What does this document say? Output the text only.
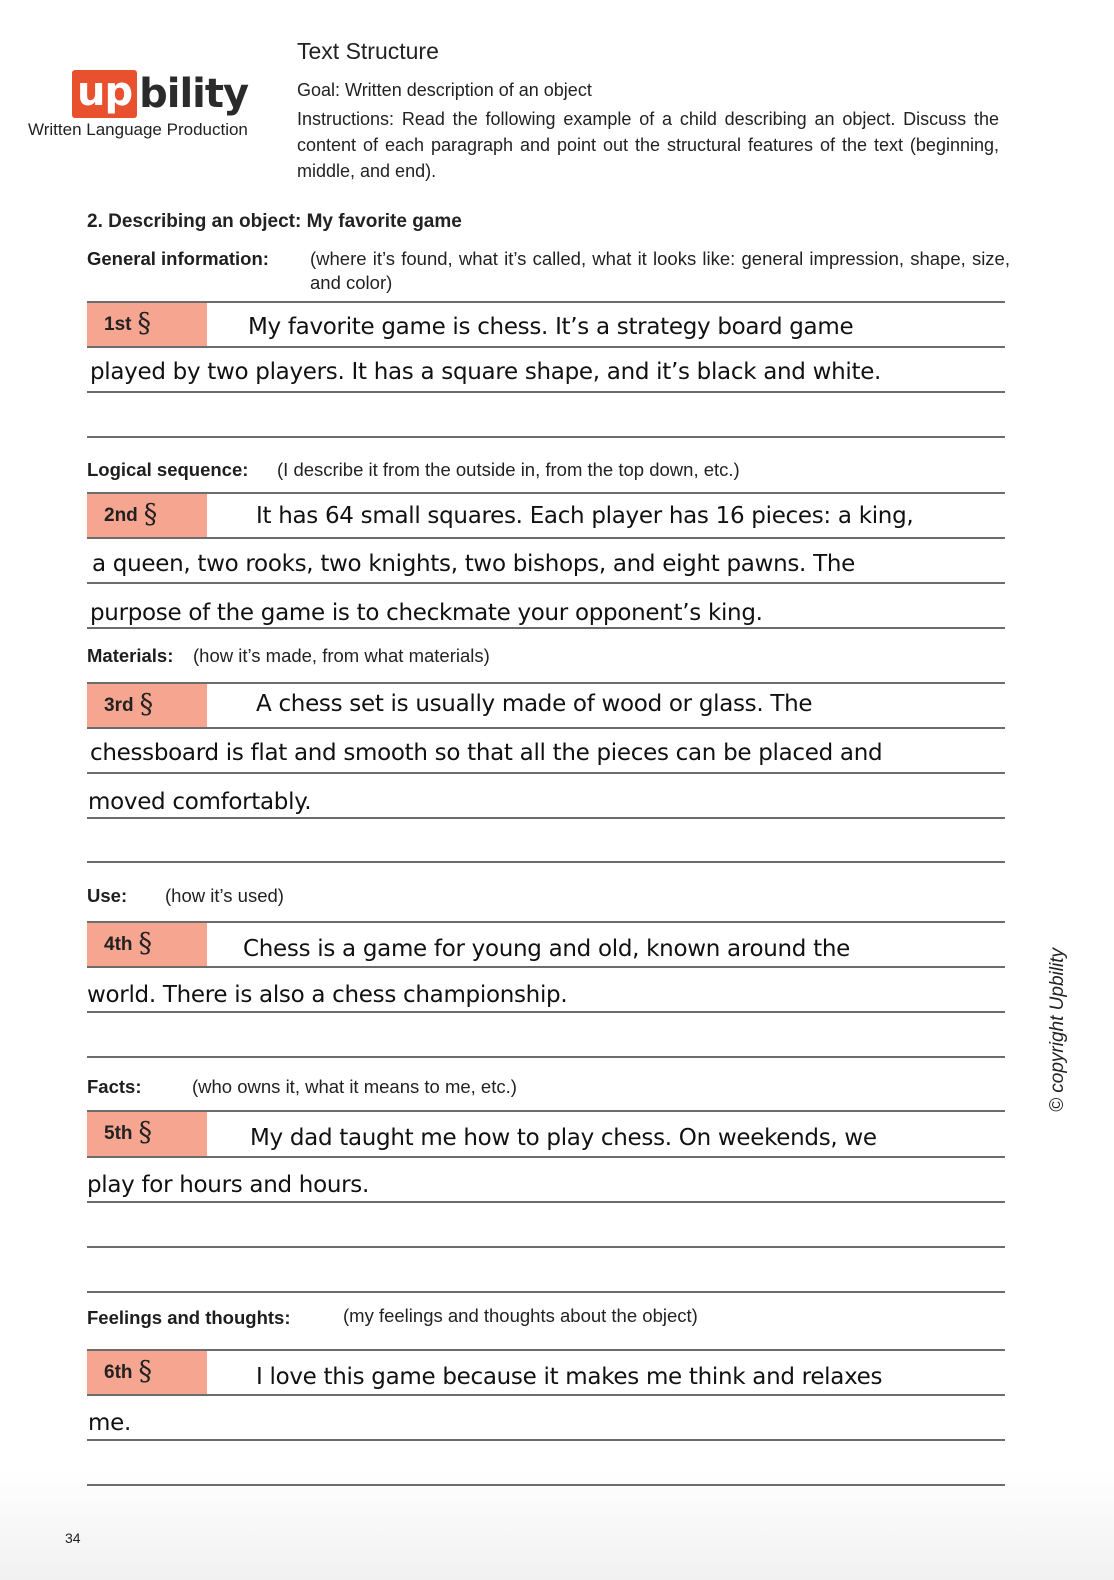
up bility
Written Language Production
Text Structure
Goal: Written description of an object
Instructions: Read the following example of a child describing an object. Discuss the content of each paragraph and point out the structural features of the text (beginning, middle, and end).
2. Describing an object: My favorite game
General information: (where it’s found, what it’s called, what it looks like: general impression, shape, size, and color)
1st §	My favorite game is chess. It’s a strategy board game
played by two players. It has a square shape, and it’s black and white.
Logical sequence: (I describe it from the outside in, from the top down, etc.)
2nd §	It has 64 small squares. Each player has 16 pieces: a king,
a queen, two rooks, two knights, two bishops, and eight pawns. The
purpose of the game is to checkmate your opponent’s king.
Materials: (how it’s made, from what materials)
3rd §	A chess set is usually made of wood or glass. The
chessboard is flat and smooth so that all the pieces can be placed and
moved comfortably.
Use: (how it’s used)
4th §	Chess is a game for young and old, known around the
world. There is also a chess championship.
Facts:	(who owns it, what it means to me, etc.)
5th §	My dad taught me how to play chess. On weekends, we
play for hours and hours.
Feelings and thoughts:	(my feelings and thoughts about the object)
6th §	I love this game because it makes me think and relaxes
me.
© copyright Upbility
34
